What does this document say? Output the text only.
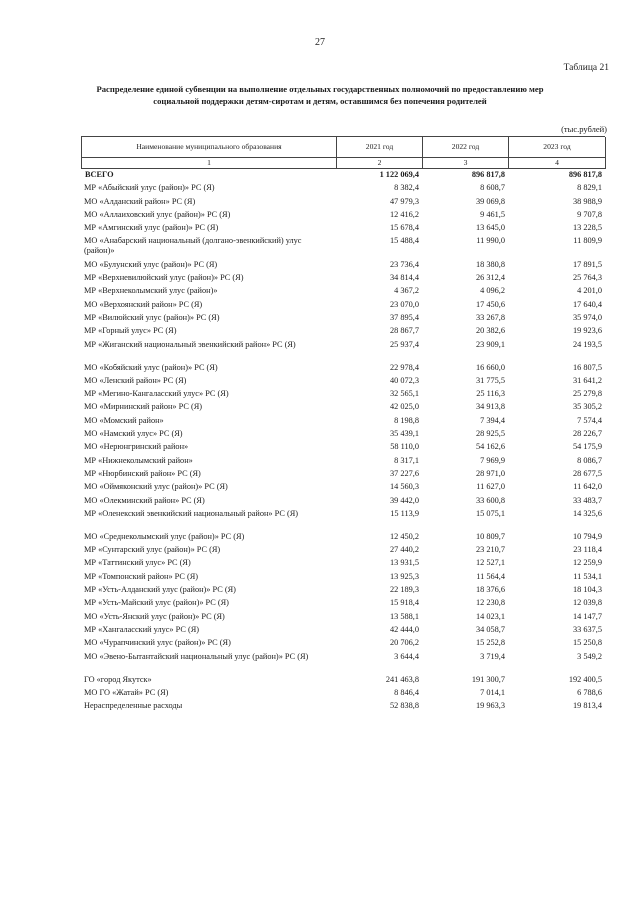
27
Таблица 21
Распределение единой субвенции на выполнение отдельных государственных полномочий по предоставлению мер социальной поддержки детям-сиротам и детям, оставшимся без попечения родителей
(тыс.рублей)
Наименование муниципального образования	2021 год	2022 год	2023 год
1	2	3	4
ВСЕГО	1 122 069,4	896 817,8	896 817,8
МР «Абыйский улус (район)» РС (Я)	8 382,4	8 608,7	8 829,1
МО «Алданский район» РС (Я)	47 979,3	39 069,8	38 988,9
МО «Аллаиховский улус (район)» РС (Я)	12 416,2	9 461,5	9 707,8
МР «Амгинский улус (район)» РС (Я)	15 678,4	13 645,0	13 228,5
МО «Анабарский национальный (долгано-эвенкийский) улус (район)»
15 488,4	11 990,0	11 809,9
МО «Булунский улус (район)» РС (Я)	23 736,4	18 380,8	17 891,5
МР «Верхневилюйский улус (район)» РС (Я)	34 814,4	26 312,4	25 764,3
МР «Верхнеколымский улус (район)»	4 367,2	4 096,2	4 201,0
МО «Верхоянский район» РС (Я)	23 070,0	17 450,6	17 640,4
МР «Вилюйский улус (район)» РС (Я)	37 895,4	33 267,8	35 974,0
МР «Горный улус» РС (Я)	28 867,7	20 382,6	19 923,6
МР «Жиганский национальный эвенкийский район» РС (Я)	25 937,4	23 909,1	24 193,5
МО «Кобяйский улус (район)» РС (Я)	22 978,4	16 660,0	16 807,5
МО «Ленский район» РС (Я)	40 072,3	31 775,5	31 641,2
МР «Мегино-Кангаласский улус» РС (Я)	32 565,1	25 116,3	25 279,8
МО «Мирнинский район» РС (Я)	42 025,0	34 913,8	35 305,2
МО «Момский район»	8 198,8	7 394,4	7 574,4
МО «Намский улус» РС (Я)	35 439,1	28 925,5	28 226,7
МО «Нерюнгринский район»	58 110,0	54 162,6	54 175,9
МР «Нижнеколымский район»	8 317,1	7 969,9	8 086,7
МР «Нюрбинский район» РС (Я)	37 227,6	28 971,0	28 677,5
МО «Оймяконский улус (район)» РС (Я)	14 560,3	11 627,0	11 642,0
МО «Олекминский район» РС (Я)	39 442,0	33 600,8	33 483,7
МР «Оленекский эвенкийский национальный район» РС (Я)	15 113,9	15 075,1	14 325,6
МО «Среднеколымский улус (район)» РС (Я)	12 450,2	10 809,7	10 794,9
МР «Сунтарский улус (район)» РС (Я)	27 440,2	23 210,7	23 118,4
МР «Таттинский улус» РС (Я)	13 931,5	12 527,1	12 259,9
МР «Томпонский район» РС (Я)	13 925,3	11 564,4	11 534,1
МР «Усть-Алданский улус (район)» РС (Я)	22 189,3	18 376,6	18 104,3
МР «Усть-Майский улус (район)» РС (Я)	15 918,4	12 230,8	12 039,8
МО «Усть-Янский улус (район)» РС (Я)	13 588,1	14 023,1	14 147,7
МР «Хангаласский улус» РС (Я)	42 444,0	34 058,7	33 637,5
МО «Чурапчинский улус (район)» РС (Я)	20 706,2	15 252,8	15 250,8
МО «Эвено-Бытантайский национальный улус (район)» РС (Я)	3 644,4	3 719,4	3 549,2
ГО «город Якутск»	241 463,8	191 300,7	192 400,5
МО ГО «Жатай» РС (Я)	8 846,4	7 014,1	6 788,6
Нераспределенные расходы	52 838,8	19 963,3	19 813,4
